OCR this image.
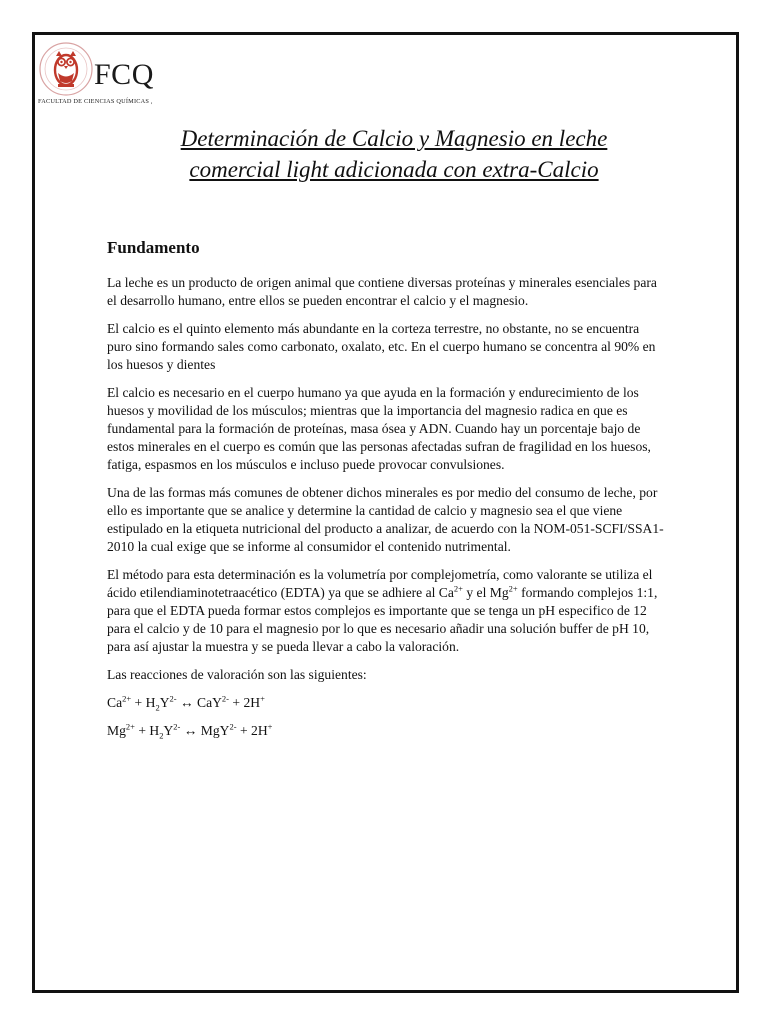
FCQ
FACULTAD DE CIENCIAS QUÍMICAS ,
Determinación de Calcio y Magnesio en leche
comercial light adicionada con extra-Calcio
Fundamento

La leche es un producto de origen animal que contiene diversas proteínas y minerales esenciales para el desarrollo humano, entre ellos se pueden encontrar el calcio y el magnesio.

El calcio es el quinto elemento más abundante en la corteza terrestre, no obstante, no se encuentra puro sino formando sales como carbonato, oxalato, etc. En el cuerpo humano se concentra al 90% en los huesos y dientes

El calcio es necesario en el cuerpo humano ya que ayuda en la formación y endurecimiento de los huesos y movilidad de los músculos; mientras que la importancia del magnesio radica en que es fundamental para la formación de proteínas, masa ósea y ADN. Cuando hay un porcentaje bajo de estos minerales en el cuerpo es común que las personas afectadas sufran de fragilidad en los huesos, fatiga, espasmos en los músculos e incluso puede provocar convulsiones.

Una de las formas más comunes de obtener dichos minerales es por medio del consumo de leche, por ello es importante que se analice y determine la cantidad de calcio y magnesio sea el que viene estipulado en la etiqueta nutricional del producto a analizar, de acuerdo con la NOM-051-SCFI/SSA1-2010 la cual exige que se informe al consumidor el contenido nutrimental.

El método para esta determinación es la volumetría por complejometría, como valorante se utiliza el ácido etilendiaminotetraacético (EDTA) ya que se adhiere al $Ca^{2+}$ y el $Mg^{2+}$ formando complejos 1:1, para que el EDTA pueda formar estos complejos es importante que se tenga un pH especifico de 12 para el calcio y de 10 para el magnesio por lo que es necesario añadir una solución buffer de pH 10, para así ajustar la muestra y se pueda llevar a cabo la valoración.

Las reacciones de valoración son las siguientes:

$Ca^{2+} + H_2Y^{2-}$ ↔ CaY$^{2-}$ + 2H+

$Mg^{2+} + H_2Y^{2-}$ ↔ MgY$^{2-}$ + 2H+
